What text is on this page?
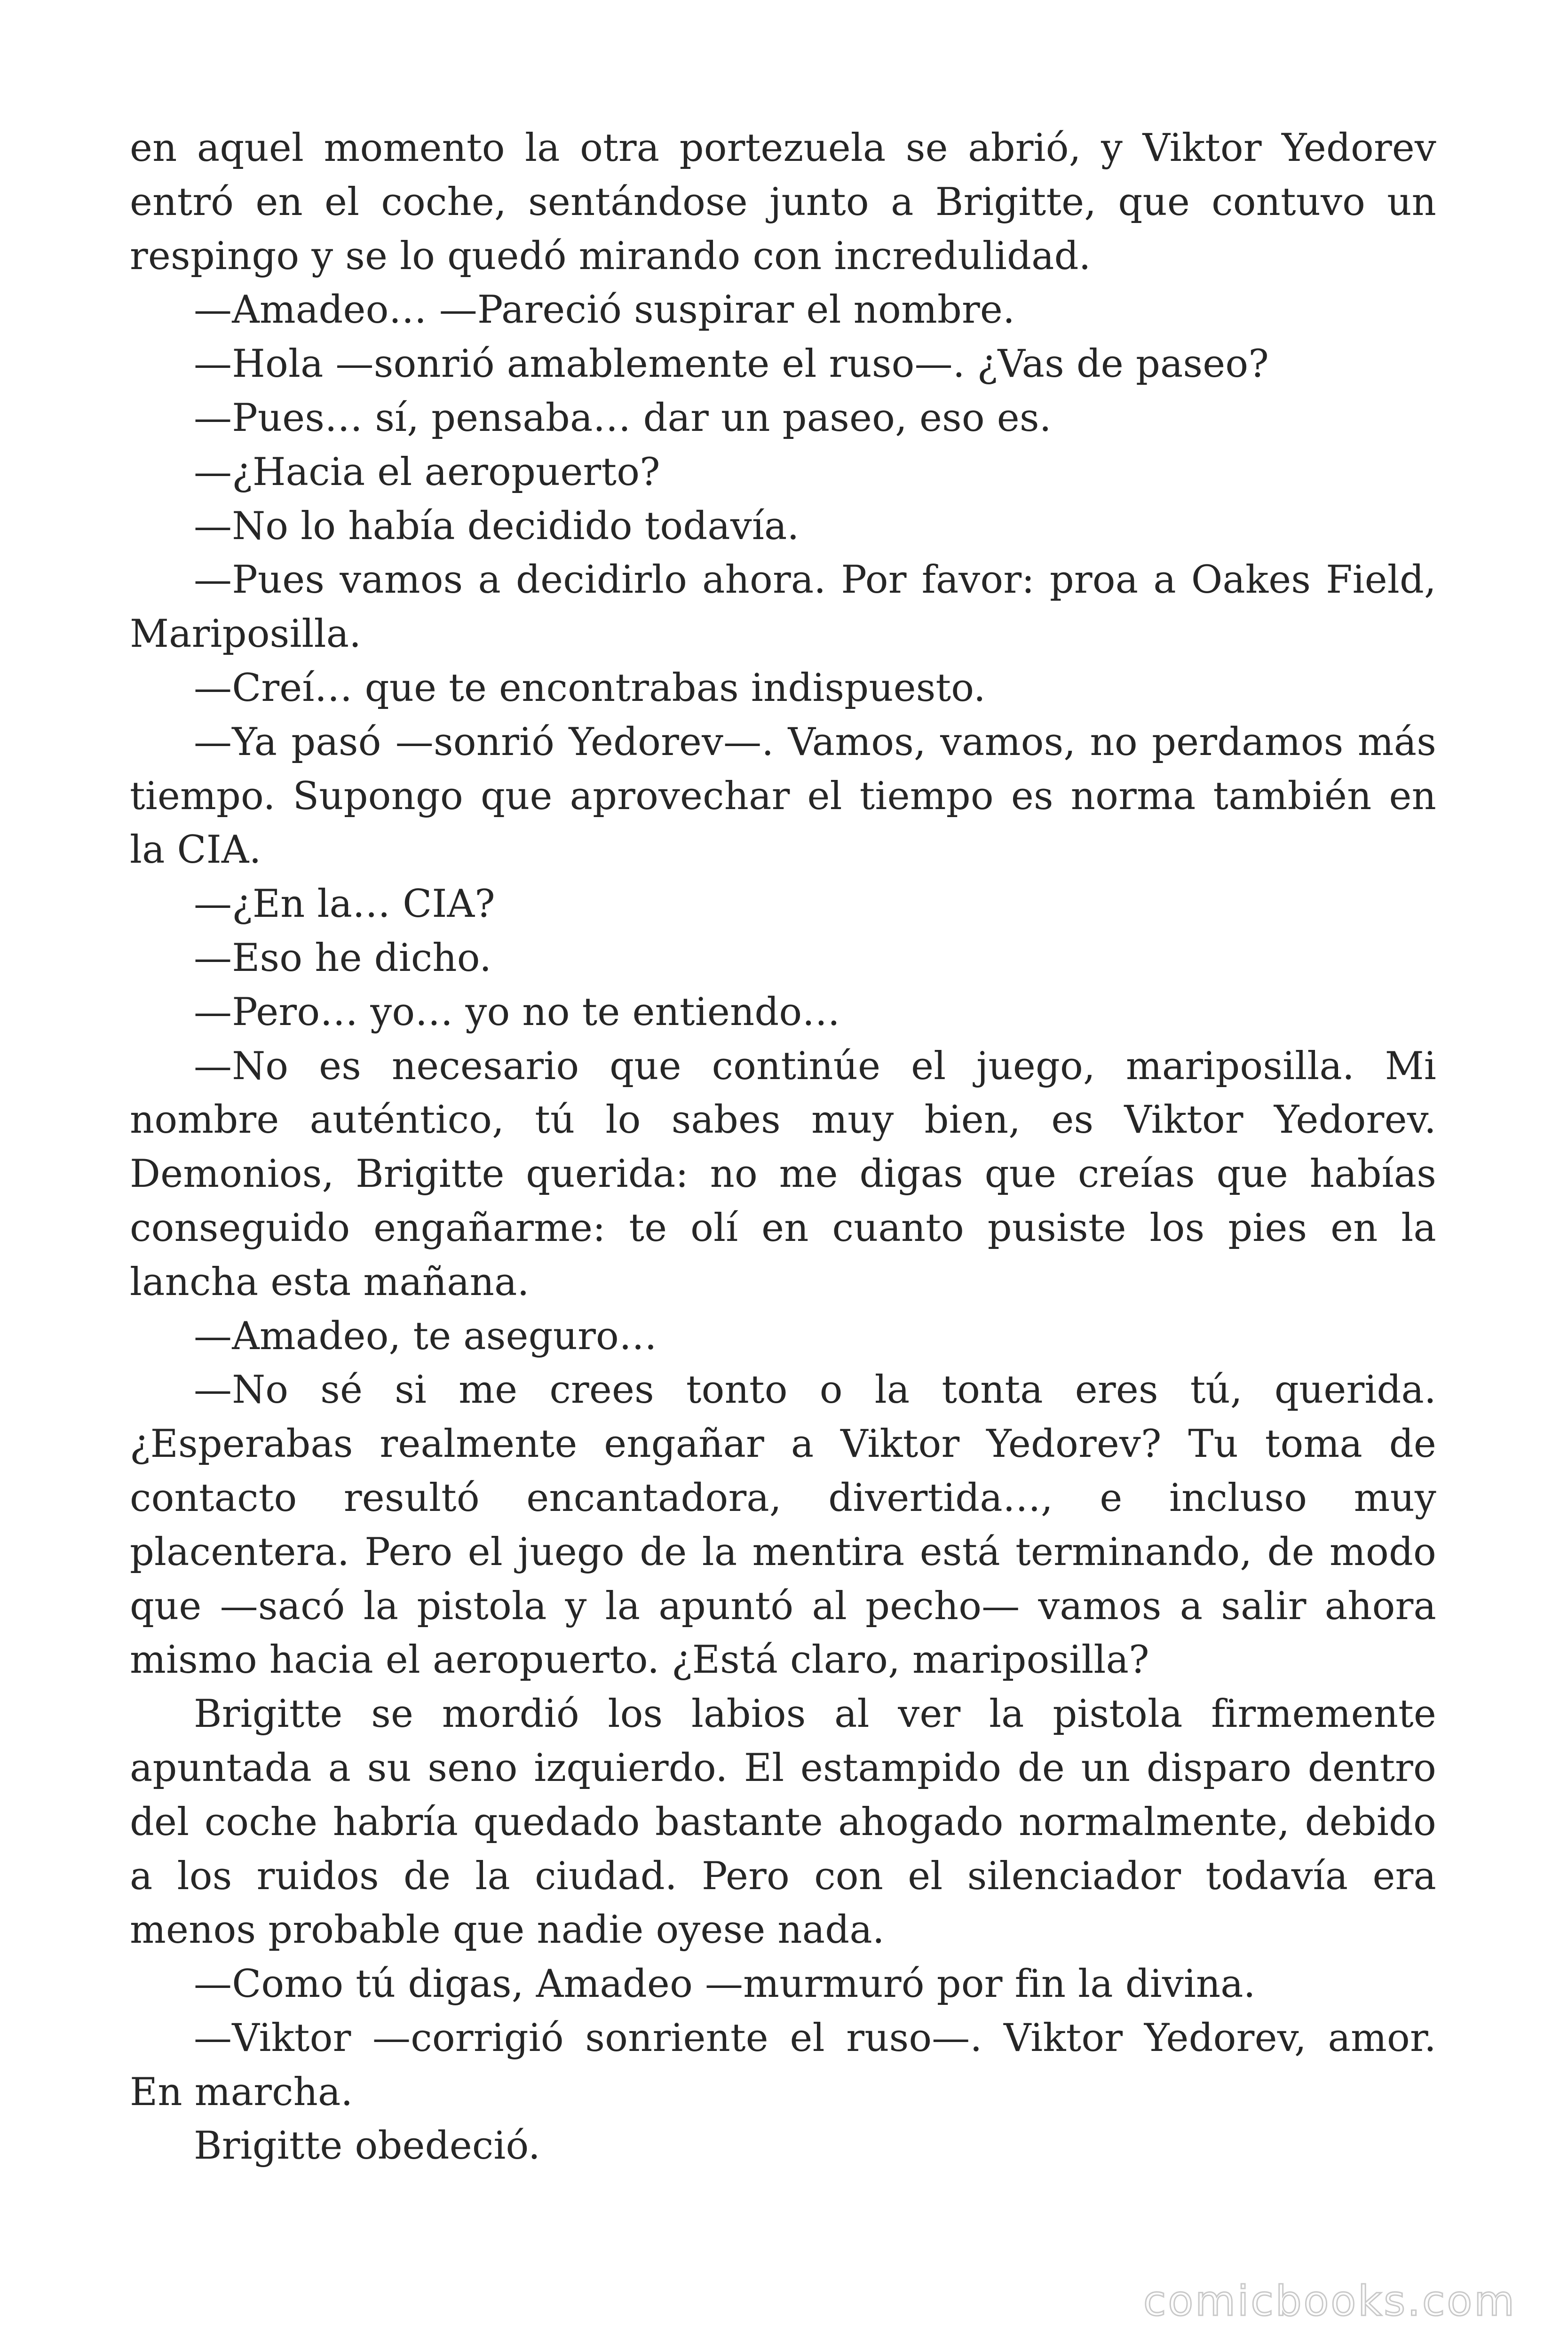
en aquel momento la otra portezuela se abrió, y Viktor Yedorev entró en el coche, sentándose junto a Brigitte, que contuvo un respingo y se lo quedó mirando con incredulidad.

—Amadeo… —Pareció suspirar el nombre.

—Hola —sonrió amablemente el ruso—. ¿Vas de paseo?

—Pues… sí, pensaba… dar un paseo, eso es.

—¿Hacia el aeropuerto?

—No lo había decidido todavía.

—Pues vamos a decidirlo ahora. Por favor: proa a Oakes Field, Mariposilla.

—Creí… que te encontrabas indispuesto.

—Ya pasó —sonrió Yedorev—. Vamos, vamos, no perdamos más tiempo. Supongo que aprovechar el tiempo es norma también en la CIA.

—¿En la… CIA?

—Eso he dicho.

—Pero… yo… yo no te entiendo…

—No es necesario que continúe el juego, mariposilla. Mi nombre auténtico, tú lo sabes muy bien, es Viktor Yedorev. Demonios, Brigitte querida: no me digas que creías que habías conseguido engañarme: te olí en cuanto pusiste los pies en la lancha esta mañana.

—Amadeo, te aseguro…

—No sé si me crees tonto o la tonta eres tú, querida. ¿Esperabas realmente engañar a Viktor Yedorev? Tu toma de contacto resultó encantadora, divertida…, e incluso muy placentera. Pero el juego de la mentira está terminando, de modo que —sacó la pistola y la apuntó al pecho— vamos a salir ahora mismo hacia el aeropuerto. ¿Está claro, mariposilla?

Brigitte se mordió los labios al ver la pistola firmemente apuntada a su seno izquierdo. El estampido de un disparo dentro del coche habría quedado bastante ahogado normalmente, debido a los ruidos de la ciudad. Pero con el silenciador todavía era menos probable que nadie oyese nada.

—Como tú digas, Amadeo —murmuró por fin la divina.

—Viktor —corrigió sonriente el ruso—. Viktor Yedorev, amor. En marcha.

Brigitte obedeció.

comicbooks.com
